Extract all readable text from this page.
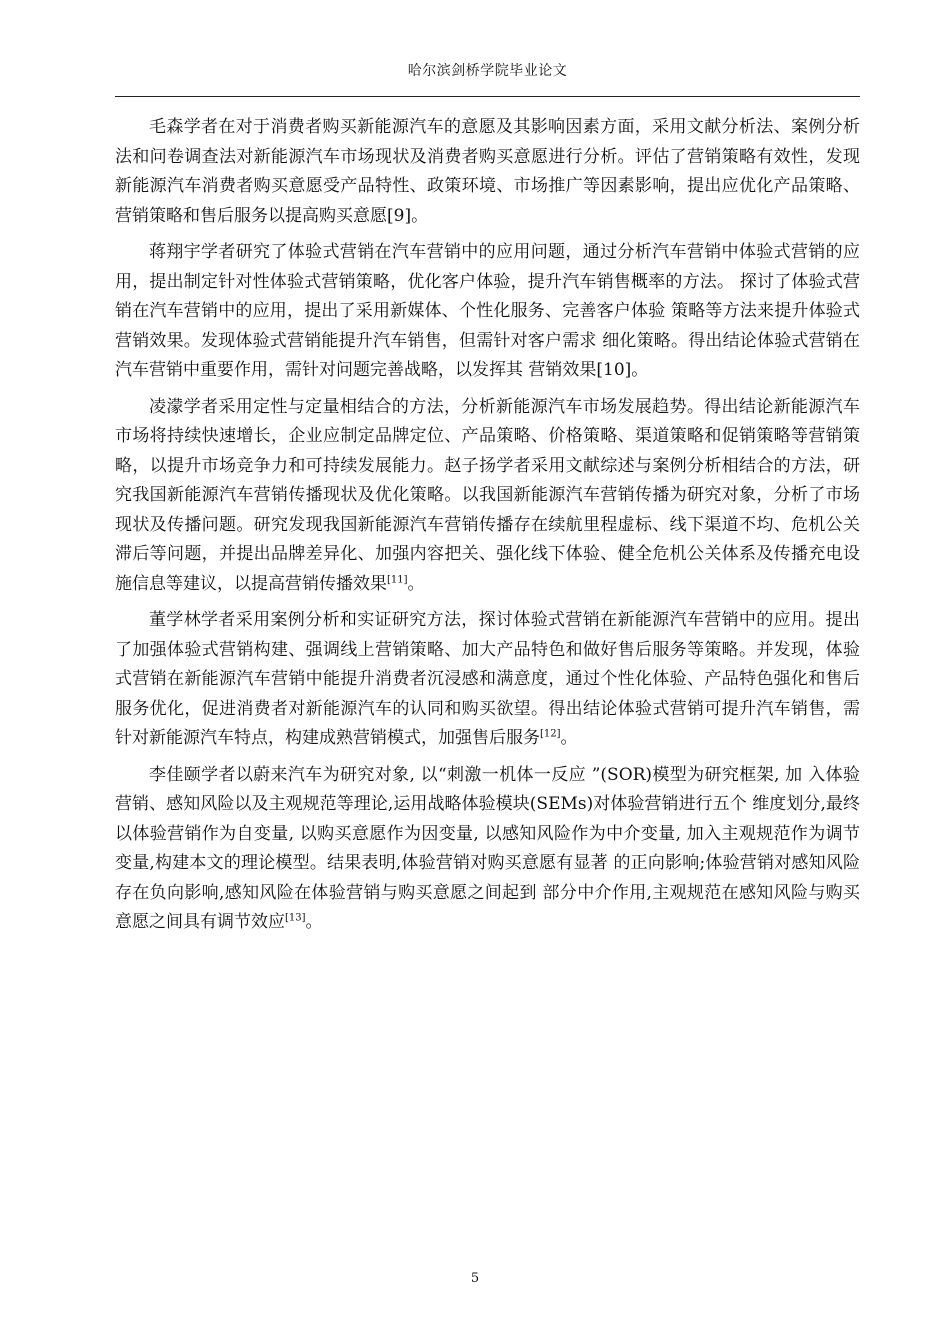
哈尔滨剑桥学院毕业论文

毛森学者在对于消费者购买新能源汽车的意愿及其影响因素方面，采用文献分析法、案例分析法和问卷调查法对新能源汽车市场现状及消费者购买意愿进行分析。评估了营销策略有效性，发现新能源汽车消费者购买意愿受产品特性、政策环境、市场推广等因素影响，提出应优化产品策略、营销策略和售后服务以提高购买意愿[9]。

蒋翔宇学者研究了体验式营销在汽车营销中的应用问题，通过分析汽车营销中体验式营销的应用，提出制定针对性体验式营销策略，优化客户体验，提升汽车销售概率的方法。 探讨了体验式营销在汽车营销中的应用，提出了采用新媒体、个性化服务、完善客户体验 策略等方法来提升体验式营销效果。发现体验式营销能提升汽车销售，但需针对客户需求 细化策略。得出结论体验式营销在汽车营销中重要作用，需针对问题完善战略，以发挥其 营销效果[10]。

凌濛学者采用定性与定量相结合的方法，分析新能源汽车市场发展趋势。得出结论新能源汽车市场将持续快速增长，企业应制定品牌定位、产品策略、价格策略、渠道策略和促销策略等营销策略，以提升市场竞争力和可持续发展能力。赵子扬学者采用文献综述与案例分析相结合的方法，研究我国新能源汽车营销传播现状及优化策略。以我国新能源汽车营销传播为研究对象，分析了市场现状及传播问题。研究发现我国新能源汽车营销传播存在续航里程虚标、线下渠道不均、危机公关滞后等问题，并提出品牌差异化、加强内容把关、强化线下体验、健全危机公关体系及传播充电设施信息等建议，以提高营销传播效果[11]。

董学林学者采用案例分析和实证研究方法，探讨体验式营销在新能源汽车营销中的应用。提出了加强体验式营销构建、强调线上营销策略、加大产品特色和做好售后服务等策略。并发现，体验式营销在新能源汽车营销中能提升消费者沉浸感和满意度，通过个性化体验、产品特色强化和售后服务优化，促进消费者对新能源汽车的认同和购买欲望。得出结论体验式营销可提升汽车销售，需针对新能源汽车特点，构建成熟营销模式，加强售后服务[12]。

李佳颐学者以蔚来汽车为研究对象, 以“刺激一机体一反应 ”(SOR)模型为研究框架, 加 入体验营销、感知风险以及主观规范等理论,运用战略体验模块(SEMs)对体验营销进行五个 维度划分,最终以体验营销作为自变量, 以购买意愿作为因变量, 以感知风险作为中介变量, 加入主观规范作为调节变量,构建本文的理论模型。结果表明,体验营销对购买意愿有显著 的正向影响;体验营销对感知风险存在负向影响,感知风险在体验营销与购买意愿之间起到 部分中介作用,主观规范在感知风险与购买意愿之间具有调节效应[13]。

5
